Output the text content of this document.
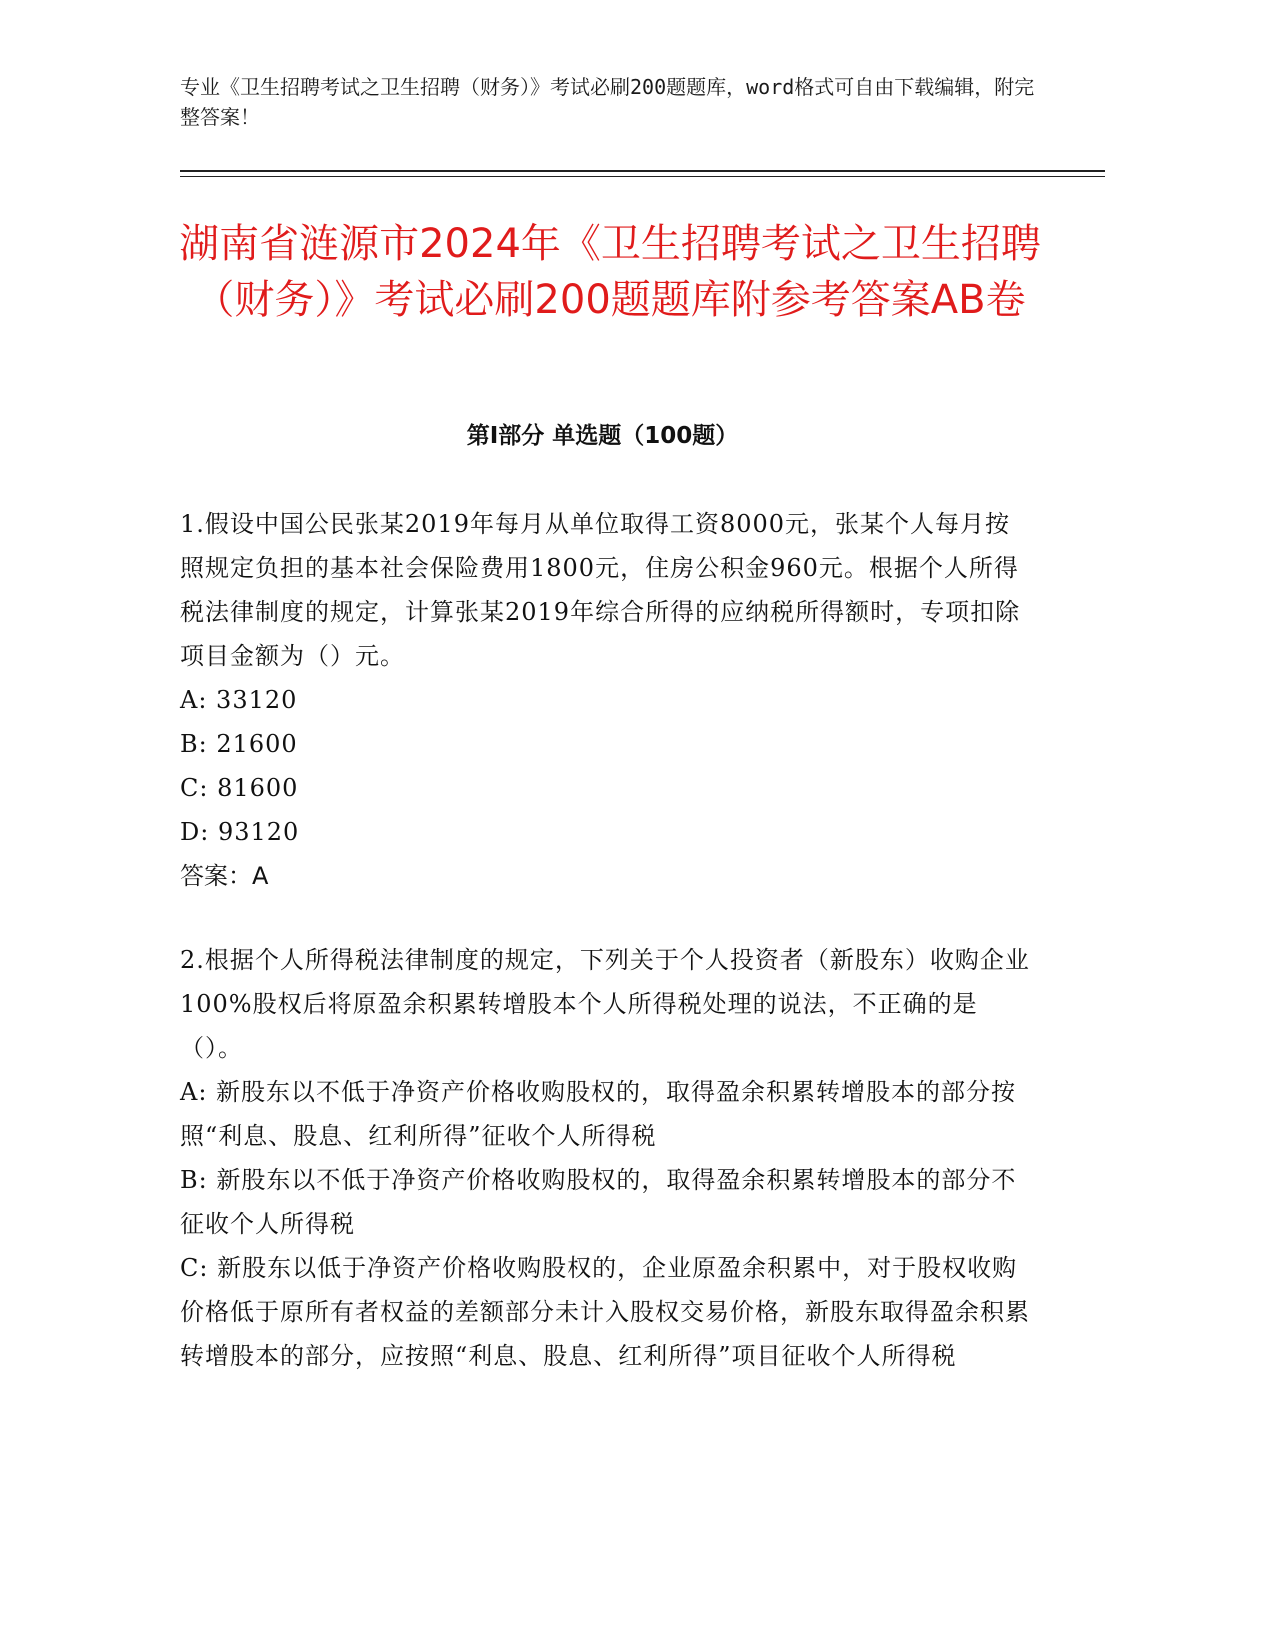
专业《卫生招聘考试之卫生招聘（财务）》考试必刷200题题库，word格式可自由下载编辑，附完整答案！
湖南省涟源市2024年《卫生招聘考试之卫生招聘（财务）》考试必刷200题题库附参考答案AB卷
第Ⅰ部分 单选题（100题）

1.假设中国公民张某2019年每月从单位取得工资8000元，张某个人每月按照规定负担的基本社会保险费用1800元，住房公积金960元。根据个人所得税法律制度的规定，计算张某2019年综合所得的应纳税所得额时，专项扣除项目金额为（）元。

A: 33120

B: 21600

C: 81600

D: 93120

答案：A

2.根据个人所得税法律制度的规定，下列关于个人投资者（新股东）收购企业100%股权后将原盈余积累转增股本个人所得税处理的说法，不正确的是（）。

A: 新股东以不低于净资产价格收购股权的，取得盈余积累转增股本的部分按照“利息、股息、红利所得”征收个人所得税

B: 新股东以不低于净资产价格收购股权的，取得盈余积累转增股本的部分不征收个人所得税

C: 新股东以低于净资产价格收购股权的，企业原盈余积累中，对于股权收购价格低于原所有者权益的差额部分未计入股权交易价格，新股东取得盈余积累转增股本的部分，应按照“利息、股息、红利所得”项目征收个人所得税
